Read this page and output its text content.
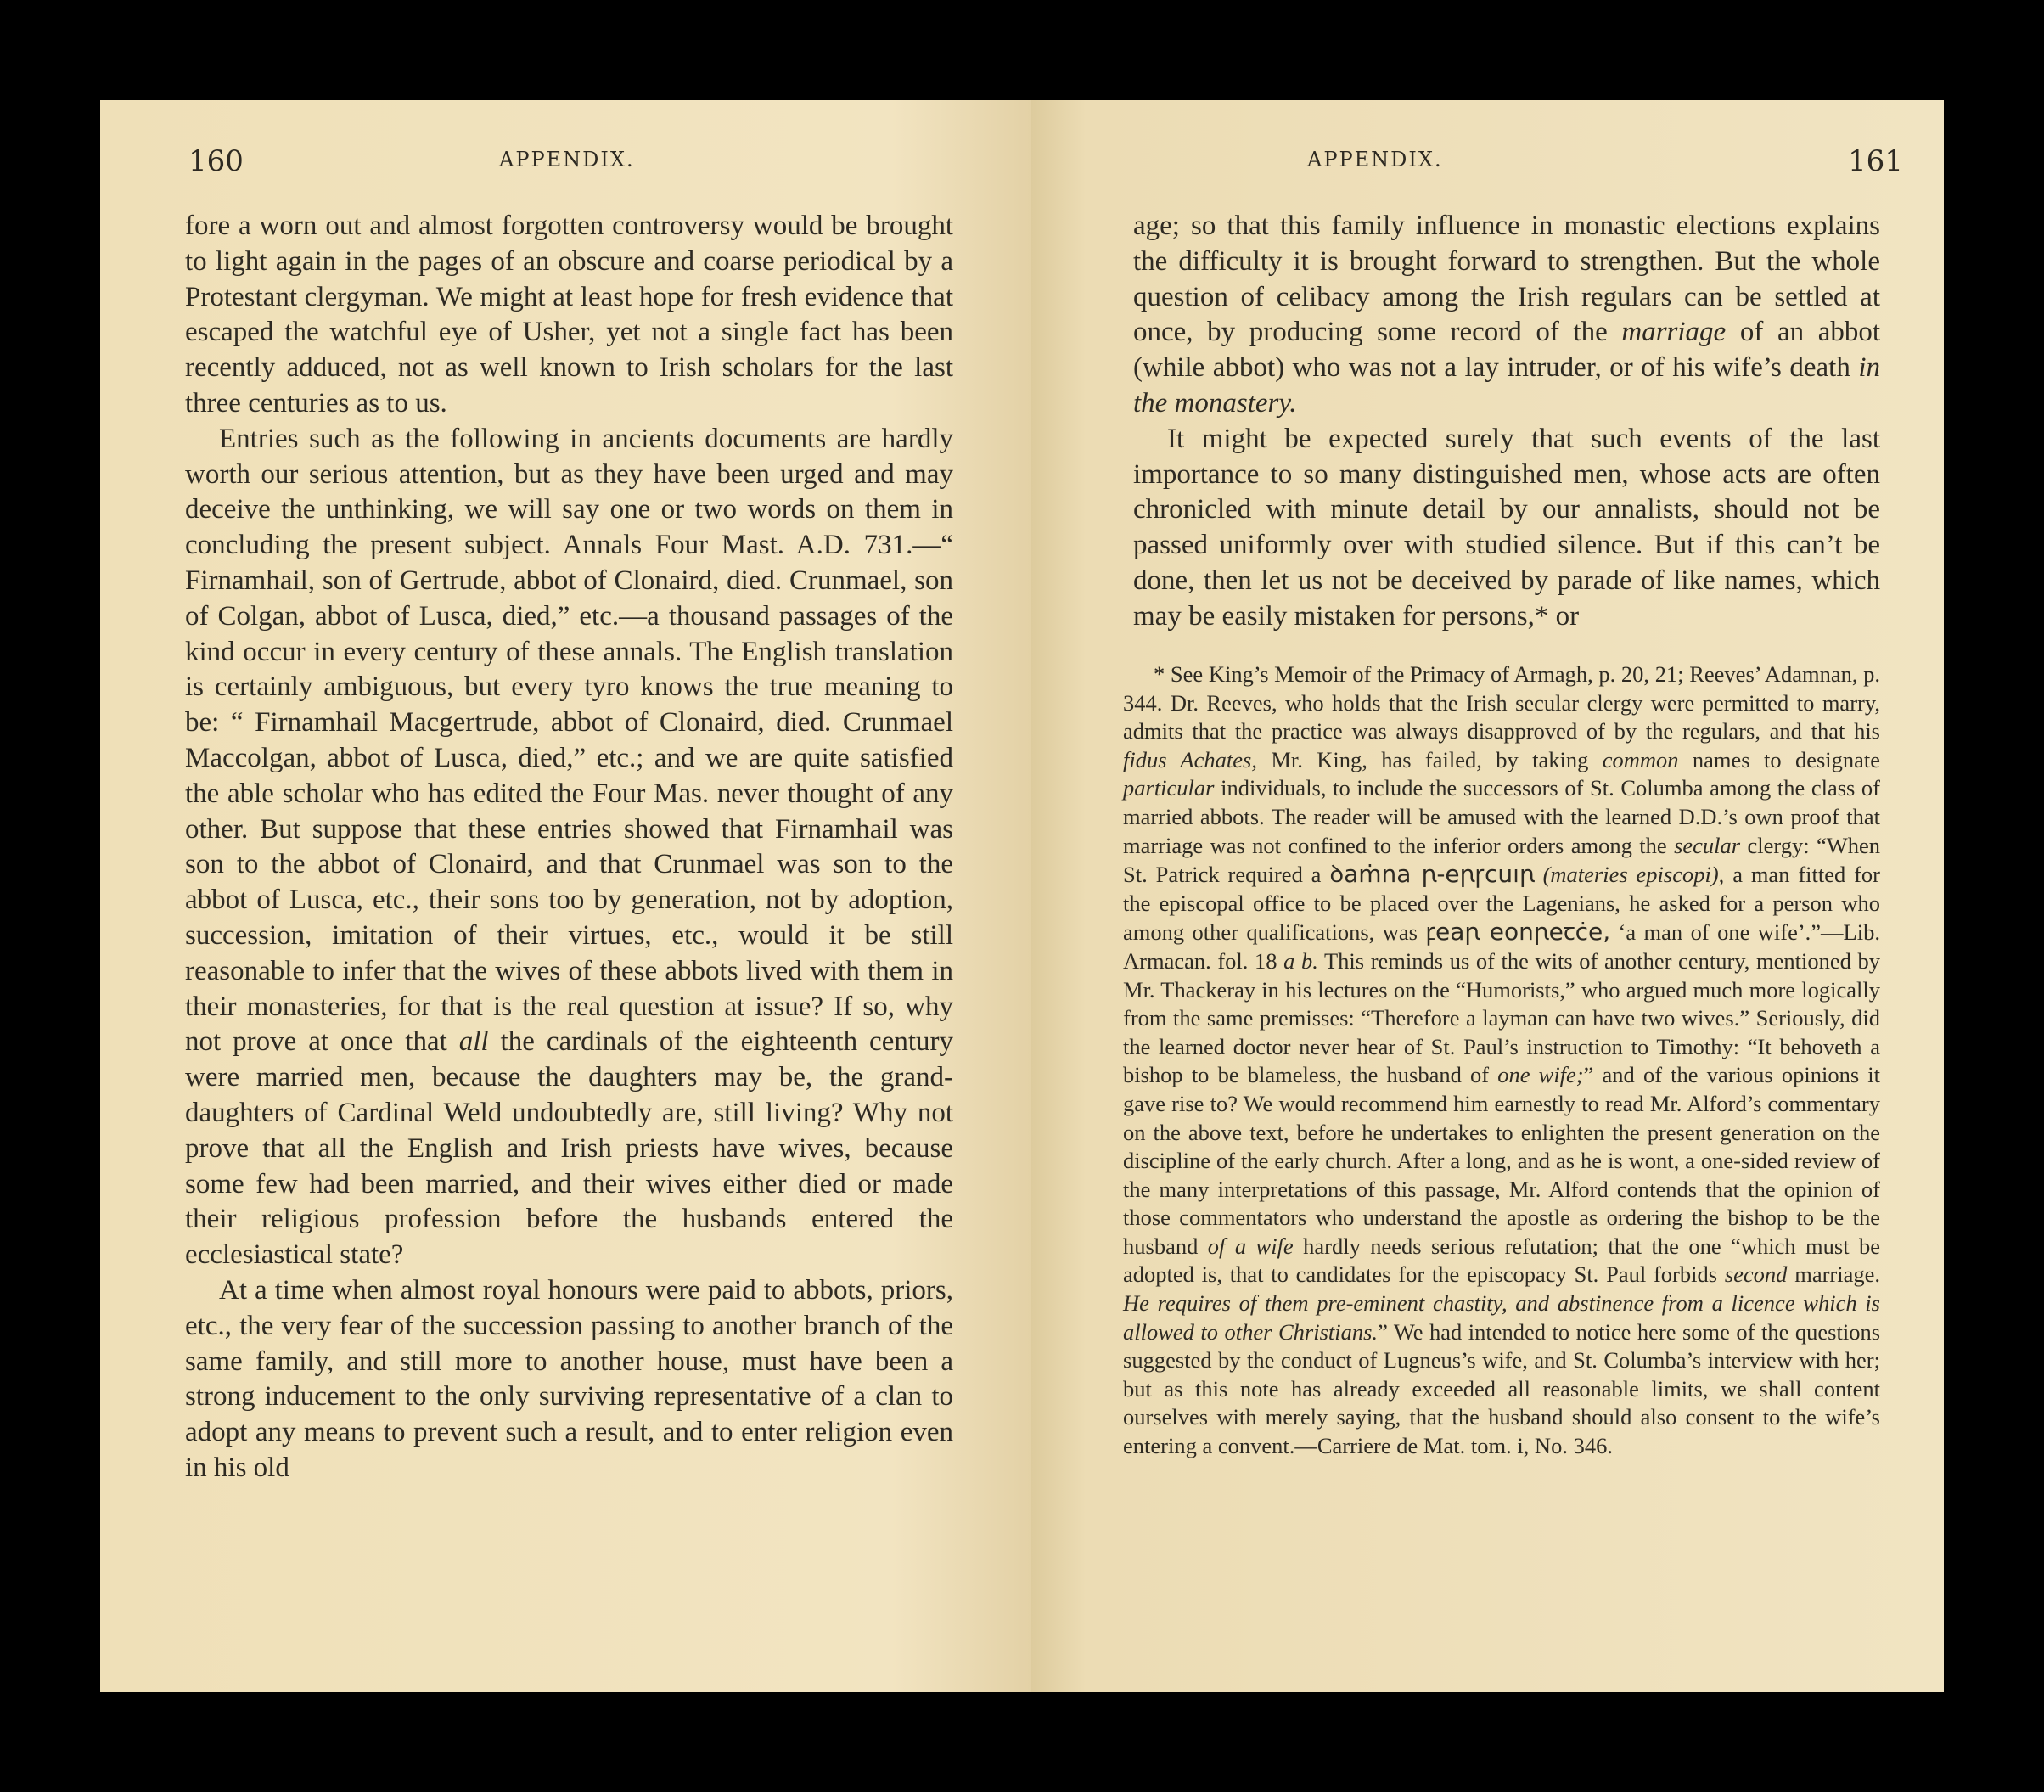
160	APPENDIX.

fore a worn out and almost forgotten controversy would be brought to light again in the pages of an obscure and coarse periodical by a Protestant clergyman. We might at least hope for fresh evidence that escaped the watchful eye of Usher, yet not a single fact has been recently adduced, not as well known to Irish scholars for the last three centuries as to us.

Entries such as the following in ancients documents are hardly worth our serious attention, but as they have been urged and may deceive the unthinking, we will say one or two words on them in concluding the present subject. Annals Four Mast. A.D. 731.—“ Firnamhail, son of Gertrude, abbot of Clonaird, died. Crunmael, son of Colgan, abbot of Lusca, died,” etc.—a thousand passages of the kind occur in every century of these annals. The English translation is certainly ambiguous, but every tyro knows the true meaning to be: “ Firnamhail Macgertrude, abbot of Clonaird, died. Crunmael Maccolgan, abbot of Lusca, died,” etc.; and we are quite satisfied the able scholar who has edited the Four Mas. never thought of any other. But suppose that these entries showed that Firnamhail was son to the abbot of Clonaird, and that Crunmael was son to the abbot of Lusca, etc., their sons too by generation, not by adoption, succession, imitation of their virtues, etc., would it be still reasonable to infer that the wives of these abbots lived with them in their monasteries, for that is the real question at issue? If so, why not prove at once that all the cardinals of the eighteenth century were married men, because the daughters may be, the grand-daughters of Cardinal Weld undoubtedly are, still living? Why not prove that all the English and Irish priests have wives, because some few had been married, and their wives either died or made their religious profession before the husbands entered the ecclesiastical state?

At a time when almost royal honours were paid to abbots, priors, etc., the very fear of the succession passing to another branch of the same family, and still more to another house, must have been a strong inducement to the only surviving representative of a clan to adopt any means to prevent such a result, and to enter religion even in his old

APPENDIX.	161

age; so that this family influence in monastic elections explains the difficulty it is brought forward to strengthen. But the whole question of celibacy among the Irish regulars can be settled at once, by producing some record of the marriage of an abbot (while abbot) who was not a lay intruder, or of his wife’s death in the monastery.

It might be expected surely that such events of the last importance to so many distinguished men, whose acts are often chronicled with minute detail by our annalists, should not be passed uniformly over with studied silence. But if this can’t be done, then let us not be deceived by parade of like names, which may be easily mistaken for persons,* or

* See King’s Memoir of the Primacy of Armagh, p. 20, 21; Reeves’ Adamnan, p. 344. Dr. Reeves, who holds that the Irish secular clergy were permitted to marry, admits that the practice was always disapproved of by the regulars, and that his fidus Achates, Mr. King, has failed, by taking common names to designate particular individuals, to include the successors of St. Columba among the class of married abbots. The reader will be amused with the learned D.D.’s own proof that marriage was not confined to the inferior orders among the secular clergy: “When St. Patrick required a ꝺaṁna ꞃ-eꞃꞅcuıꞃ (materies episcopi), a man fitted for the episcopal office to be placed over the Lagenians, he asked for a person who among other qualifications, was ꝼeaꞃ eonꞃeꞇċe, ‘a man of one wife’.”—Lib. Armacan. fol. 18 a b. This reminds us of the wits of another century, mentioned by Mr. Thackeray in his lectures on the “Humorists,” who argued much more logically from the same premisses: “Therefore a layman can have two wives.” Seriously, did the learned doctor never hear of St. Paul’s instruction to Timothy: “It behoveth a bishop to be blameless, the husband of one wife;” and of the various opinions it gave rise to? We would recommend him earnestly to read Mr. Alford’s commentary on the above text, before he undertakes to enlighten the present generation on the discipline of the early church. After a long, and as he is wont, a one-sided review of the many interpretations of this passage, Mr. Alford contends that the opinion of those commentators who understand the apostle as ordering the bishop to be the husband of a wife hardly needs serious refutation; that the one “which must be adopted is, that to candidates for the episcopacy St. Paul forbids second marriage. He requires of them pre-eminent chastity, and abstinence from a licence which is allowed to other Christians.” We had intended to notice here some of the questions suggested by the conduct of Lugneus’s wife, and St. Columba’s interview with her; but as this note has already exceeded all reasonable limits, we shall content ourselves with merely saying, that the husband should also consent to the wife’s entering a convent.—Carriere de Mat. tom. i, No. 346.
